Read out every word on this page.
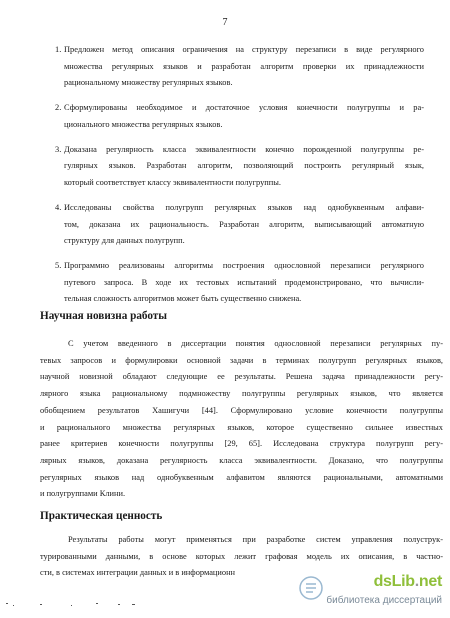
7
1. Предложен метод описания ограничения на структуру перезаписи в виде регулярного
множества регулярных языков и разработан алгоритм проверки их принадлежности
рациональному множеству регулярных языков.
2. Сформулированы необходимое и достаточное условия конечности полугруппы и ра-
ционального множества регулярных языков.
3. Доказана регулярность класса эквивалентности конечно порожденной полугруппы ре-
гулярных языков. Разработан алгоритм, позволяющий построить регулярный язык,
который соответствует классу эквивалентности полугруппы.
4. Исследованы свойства полугрупп регулярных языков над однобуквенным алфави-
том, доказана их рациональность. Разработан алгоритм, выписывающий автоматную
структуру для данных полугрупп.
5. Программно реализованы алгоритмы построения однословной перезаписи регулярного
путевого запроса. В ходе их тестовых испытаний продемонстрировано, что вычисли-
тельная сложность алгоритмов может быть существенно снижена.
Научная новизна работы
С учетом введенного в диссертации понятия однословной перезаписи регулярных пу-
тевых запросов и формулировки основной задачи в терминах полугрупп регулярных языков,
научной новизной обладают следующие ее результаты. Решена задача принадлежности регу-
лярного языка рациональному подмножеству полугруппы регулярных языков, что является
обобщением результатов Хашигучи [44]. Сформулировано условие конечности полугруппы
и рационального множества регулярных языков, которое существенно сильнее известных
ранее критериев конечности полугруппы [29, 65]. Исследована структура полугрупп регу-
лярных языков, доказана регулярность класса эквивалентности. Доказано, что полугруппы
регулярных языков над однобуквенным алфавитом являются рациональными, автоматными
и полугруппами Клини.
Практическая ценность
Результаты работы могут применяться при разработке систем управления полуструк-
турированными данными, в основе которых лежит графовая модель их описания, в частно-
сти, в системах интеграции данных и в информационн
dsLib.net
библиотека диссертаций
